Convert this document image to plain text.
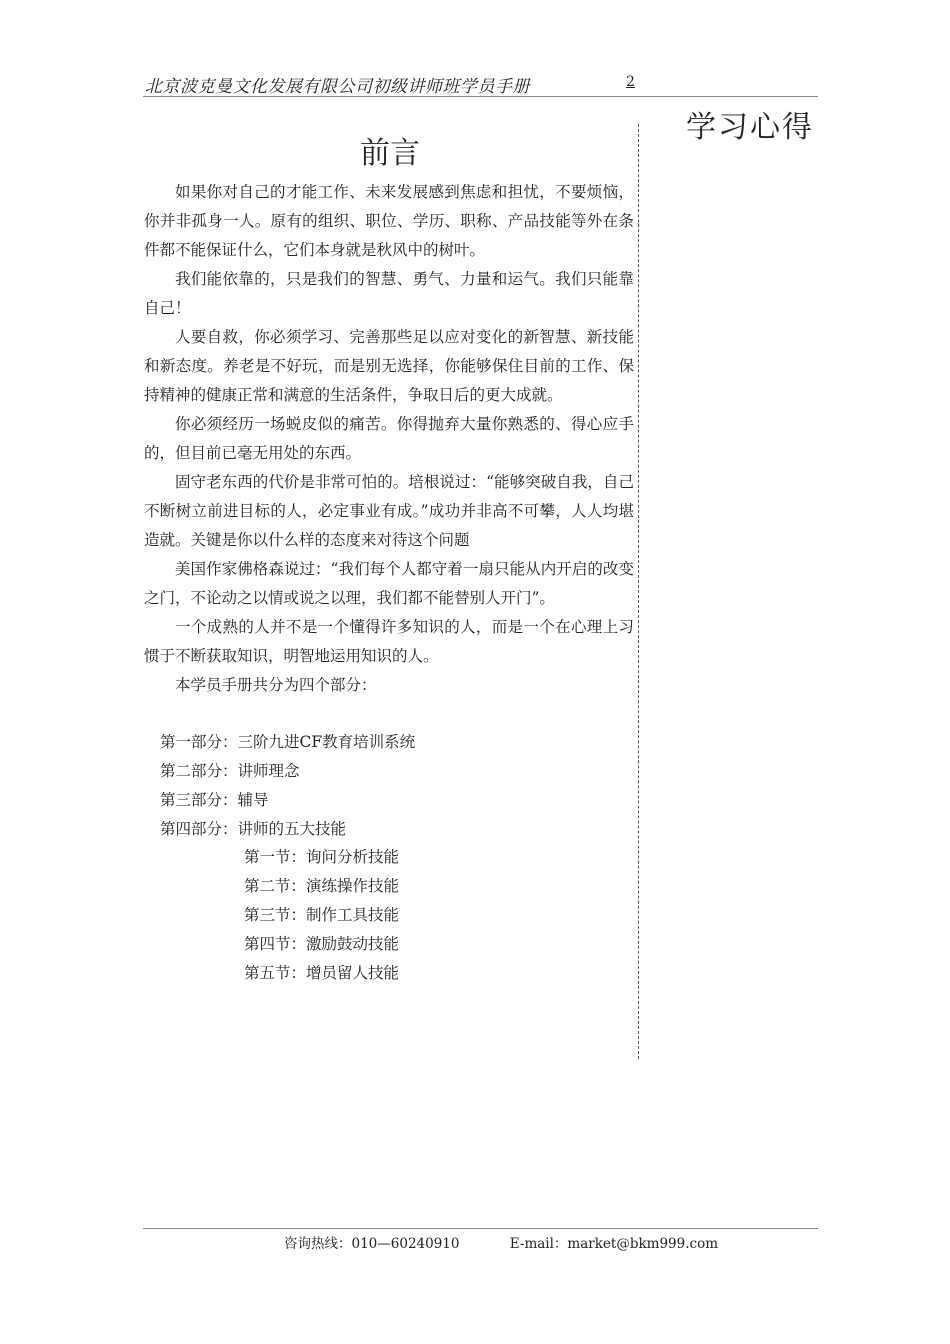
北京波克曼文化发展有限公司初级讲师班学员手册	2
学习心得
`
前言

如果你对自己的才能工作、未来发展感到焦虑和担忧，不要烦恼，你并非孤身一人。原有的组织、职位、学历、职称、产品技能等外在条件都不能保证什么，它们本身就是秋风中的树叶。

我们能依靠的，只是我们的智慧、勇气、力量和运气。我们只能靠自己！

人要自救，你必须学习、完善那些足以应对变化的新智慧、新技能和新态度。养老是不好玩，而是别无选择，你能够保住目前的工作、保持精神的健康正常和满意的生活条件，争取日后的更大成就。

你必须经历一场蜕皮似的痛苦。你得抛弃大量你熟悉的、得心应手的，但目前已毫无用处的东西。

固守老东西的代价是非常可怕的。培根说过：“能够突破自我，自己不断树立前进目标的人，必定事业有成。”成功并非高不可攀，人人均堪造就。关键是你以什么样的态度来对待这个问题

美国作家佛格森说过：“我们每个人都守着一扇只能从内开启的改变之门，不论动之以情或说之以理，我们都不能替别人开门”。

一个成熟的人并不是一个懂得许多知识的人，而是一个在心理上习惯于不断获取知识，明智地运用知识的人。

本学员手册共分为四个部分：

第一部分：三阶九进CF教育培训系统
第二部分：讲师理念
第三部分：辅导
第四部分：讲师的五大技能
第一节：询问分析技能
第二节：演练操作技能
第三节：制作工具技能
第四节：激励鼓动技能
第五节：增员留人技能
咨询热线：010—60240910	E-mail：market@bkm999.com
